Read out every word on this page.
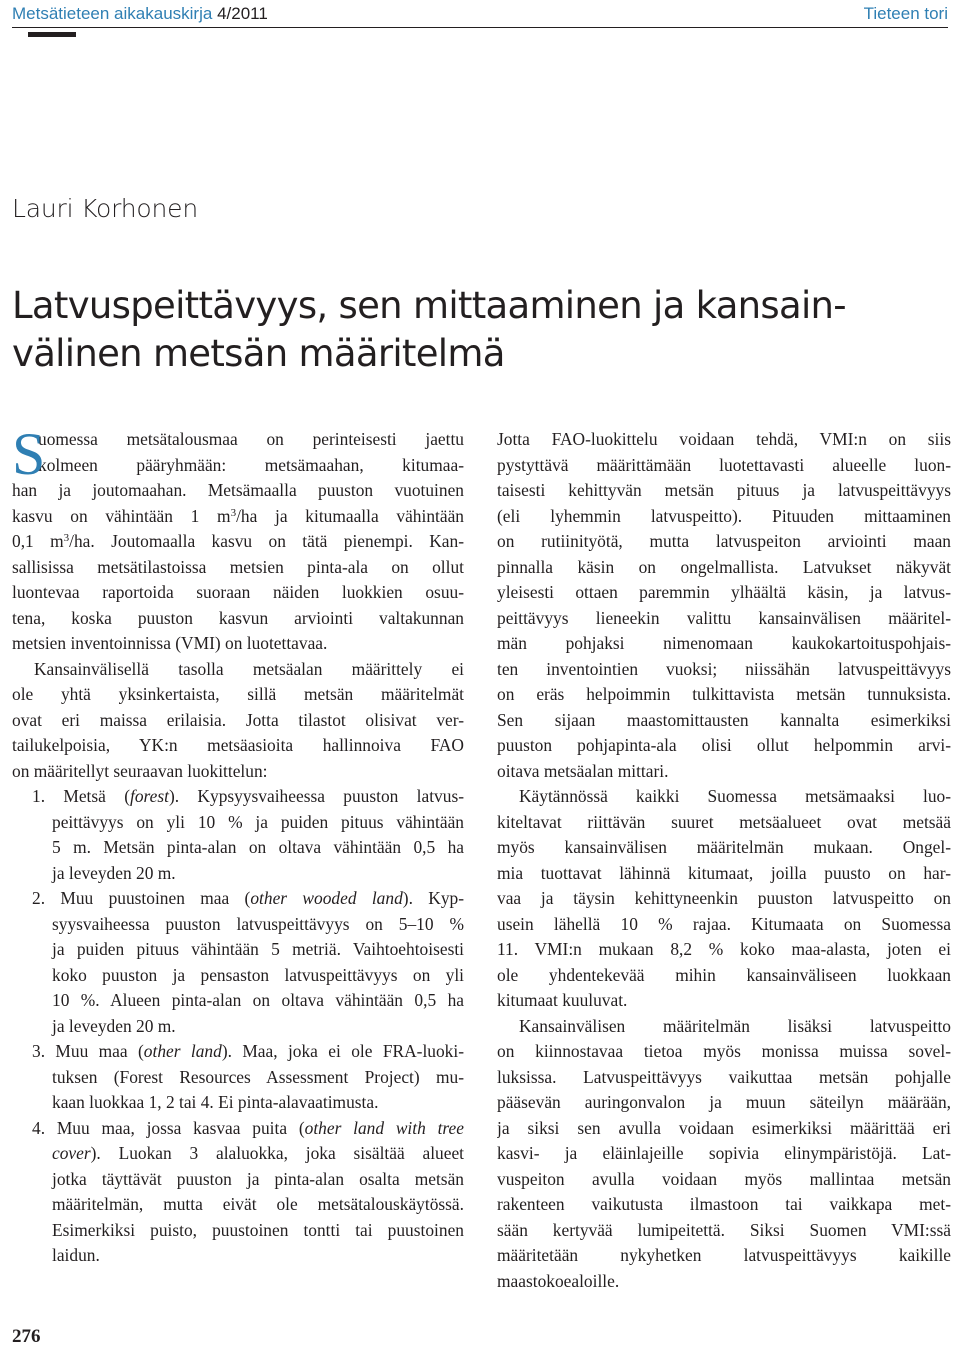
Metsätieteen aikakauskirja 4/2011	Tieteen tori
Lauri Korhonen
Latvuspeittävyys, sen mittaaminen ja kansain-
välinen metsän määritelmä
S
uomessa metsätalousmaa on perinteisesti jaettu
kolmeen pääryhmään: metsämaahan, kitumaa-
han ja joutomaahan. Metsämaalla puuston vuotuinen
kasvu on vähintään 1 $m^3/ha$ ja kitumaalla vähintään
0,1 $m^3/ha$. Joutomaalla kasvu on tätä pienempi. Kan-
sallisissa metsätilastoissa metsien pinta-ala on ollut
luontevaa raportoida suoraan näiden luokkien osuu-
tena, koska puuston kasvun arviointi valtakunnan
metsien inventoinnissa (VMI) on luotettavaa.
Kansainvälisellä tasolla metsäalan määrittely ei
ole yhtä yksinkertaista, sillä metsän määritelmät
ovat eri maissa erilaisia. Jotta tilastot olisivat ver-
tailukelpoisia, YK:n metsäasioita hallinnoiva FAO
on määritellyt seuraavan luokittelun:
1. Metsä (forest). Kypsyysvaiheessa puuston latvus-
peittävyys on yli 10 % ja puiden pituus vähintään
5 m. Metsän pinta-alan on oltava vähintään 0,5 ha
ja leveyden 20 m.
2. Muu puustoinen maa (other wooded land). Kyp-
syysvaiheessa puuston latvuspeittävyys on 5–10 %
ja puiden pituus vähintään 5 metriä. Vaihtoehtoisesti
koko puuston ja pensaston latvuspeittävyys on yli
10 %. Alueen pinta-alan on oltava vähintään 0,5 ha
ja leveyden 20 m.
3. Muu maa (other land). Maa, joka ei ole FRA-luoki-
tuksen (Forest Resources Assessment Project) mu-
kaan luokkaa 1, 2 tai 4. Ei pinta-alavaatimusta.
4. Muu maa, jossa kasvaa puita (other land with tree
cover). Luokan 3 alaluokka, joka sisältää alueet
jotka täyttävät puuston ja pinta-alan osalta metsän
määritelmän, mutta eivät ole metsätalouskäytössä.
Esimerkiksi puisto, puustoinen tontti tai puustoinen
laidun.
Jotta FAO-luokittelu voidaan tehdä, VMI:n on siis
pystyttävä määrittämään luotettavasti alueelle luon-
taisesti kehittyvän metsän pituus ja latvuspeittävyys
(eli lyhemmin latvuspeitto). Pituuden mittaaminen
on rutiinityötä, mutta latvuspeiton arviointi maan
pinnalla käsin on ongelmallista. Latvukset näkyvät
yleisesti ottaen paremmin ylhäältä käsin, ja latvus-
peittävyys lieneekin valittu kansainvälisen määritel-
män pohjaksi nimenomaan kaukokartoituspohjais-
ten inventointien vuoksi; niissähän latvuspeittävyys
on eräs helpoimmin tulkittavista metsän tunnuksista.
Sen sijaan maastomittausten kannalta esimerkiksi
puuston pohjapinta-ala olisi ollut helpommin arvi-
oitava metsäalan mittari.
Käytännössä kaikki Suomessa metsämaaksi luo-
kiteltavat riittävän suuret metsäalueet ovat metsää
myös kansainvälisen määritelmän mukaan. Ongel-
mia tuottavat lähinnä kitumaat, joilla puusto on har-
vaa ja täysin kehittyneenkin puuston latvuspeitto on
usein lähellä 10 % rajaa. Kitumaata on Suomessa
11. VMI:n mukaan 8,2 % koko maa-alasta, joten ei
ole yhdentekevää mihin kansainväliseen luokkaan
kitumaat kuuluvat.
Kansainvälisen määritelmän lisäksi latvuspeitto
on kiinnostavaa tietoa myös monissa muissa sovel-
luksissa. Latvuspeittävyys vaikuttaa metsän pohjalle
pääsevän auringonvalon ja muun säteilyn määrään,
ja siksi sen avulla voidaan esimerkiksi määrittää eri
kasvi- ja eläinlajeille sopivia elinympäristöjä. Lat-
vuspeiton avulla voidaan myös mallintaa metsän
rakenteen vaikutusta ilmastoon tai vaikkapa met-
sään kertyvää lumipeitettä. Siksi Suomen VMI:ssä
määritetään nykyhetken latvuspeittävyys kaikille
maastokoealoille.
276
